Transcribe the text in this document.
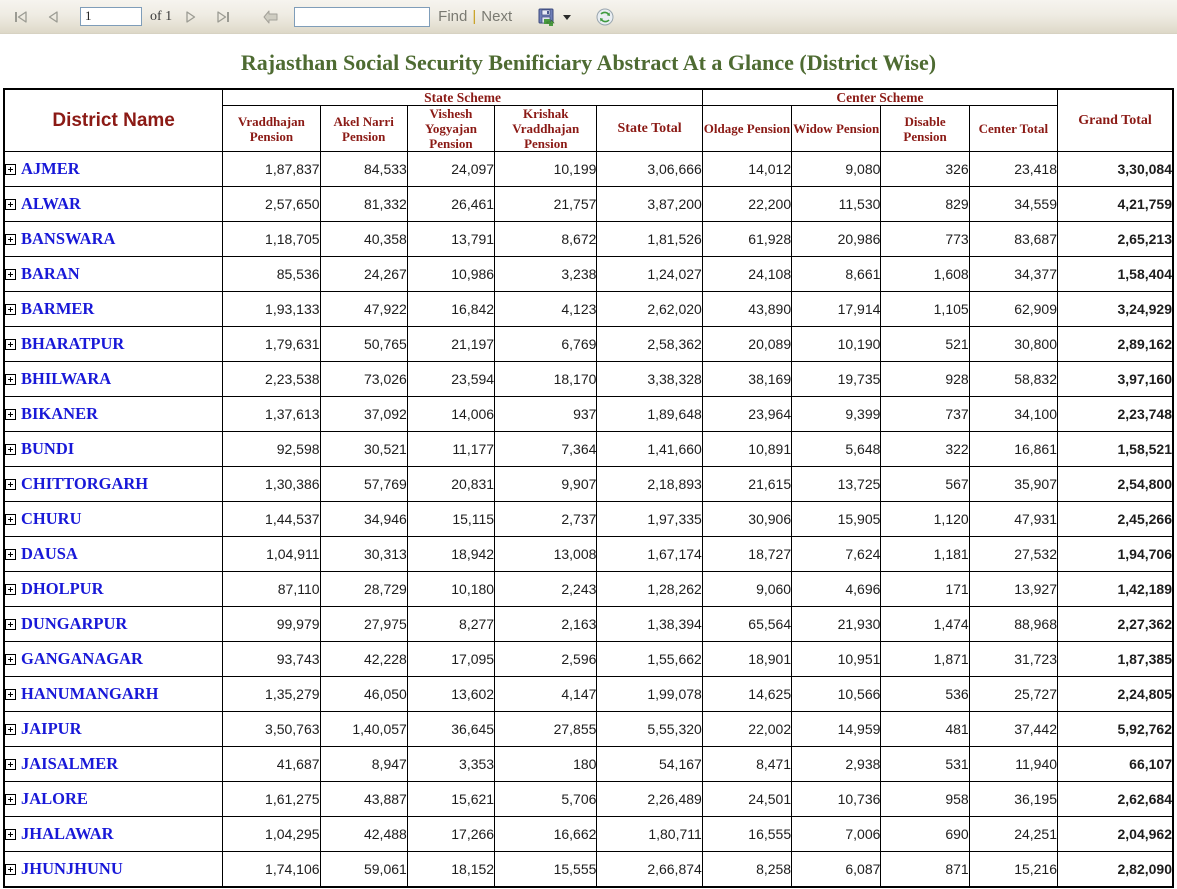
1
of 1	Find | Next
Rajasthan Social Security Benificiary Abstract At a Glance (District Wise)
District Name	State Scheme					Center Scheme				Grand Total
	Vraddhajan Pension	Akel Narri Pension	Vishesh Yogyajan Pension	Krishak Vraddhajan Pension	State Total	Oldage Pension	Widow Pension	Disable Pension	Center Total	
AJMER	1,87,837	84,533	24,097	10,199	3,06,666	14,012	9,080	326	23,418	3,30,084
ALWAR	2,57,650	81,332	26,461	21,757	3,87,200	22,200	11,530	829	34,559	4,21,759
BANSWARA	1,18,705	40,358	13,791	8,672	1,81,526	61,928	20,986	773	83,687	2,65,213
BARAN	85,536	24,267	10,986	3,238	1,24,027	24,108	8,661	1,608	34,377	1,58,404
BARMER	1,93,133	47,922	16,842	4,123	2,62,020	43,890	17,914	1,105	62,909	3,24,929
BHARATPUR	1,79,631	50,765	21,197	6,769	2,58,362	20,089	10,190	521	30,800	2,89,162
BHILWARA	2,23,538	73,026	23,594	18,170	3,38,328	38,169	19,735	928	58,832	3,97,160
BIKANER	1,37,613	37,092	14,006	937	1,89,648	23,964	9,399	737	34,100	2,23,748
BUNDI	92,598	30,521	11,177	7,364	1,41,660	10,891	5,648	322	16,861	1,58,521
CHITTORGARH	1,30,386	57,769	20,831	9,907	2,18,893	21,615	13,725	567	35,907	2,54,800
CHURU	1,44,537	34,946	15,115	2,737	1,97,335	30,906	15,905	1,120	47,931	2,45,266
DAUSA	1,04,911	30,313	18,942	13,008	1,67,174	18,727	7,624	1,181	27,532	1,94,706
DHOLPUR	87,110	28,729	10,180	2,243	1,28,262	9,060	4,696	171	13,927	1,42,189
DUNGARPUR	99,979	27,975	8,277	2,163	1,38,394	65,564	21,930	1,474	88,968	2,27,362
GANGANAGAR	93,743	42,228	17,095	2,596	1,55,662	18,901	10,951	1,871	31,723	1,87,385
HANUMANGARH	1,35,279	46,050	13,602	4,147	1,99,078	14,625	10,566	536	25,727	2,24,805
JAIPUR	3,50,763	1,40,057	36,645	27,855	5,55,320	22,002	14,959	481	37,442	5,92,762
JAISALMER	41,687	8,947	3,353	180	54,167	8,471	2,938	531	11,940	66,107
JALORE	1,61,275	43,887	15,621	5,706	2,26,489	24,501	10,736	958	36,195	2,62,684
JHALAWAR	1,04,295	42,488	17,266	16,662	1,80,711	16,555	7,006	690	24,251	2,04,962
JHUNJHUNU	1,74,106	59,061	18,152	15,555	2,66,874	8,258	6,087	871	15,216	2,82,090
